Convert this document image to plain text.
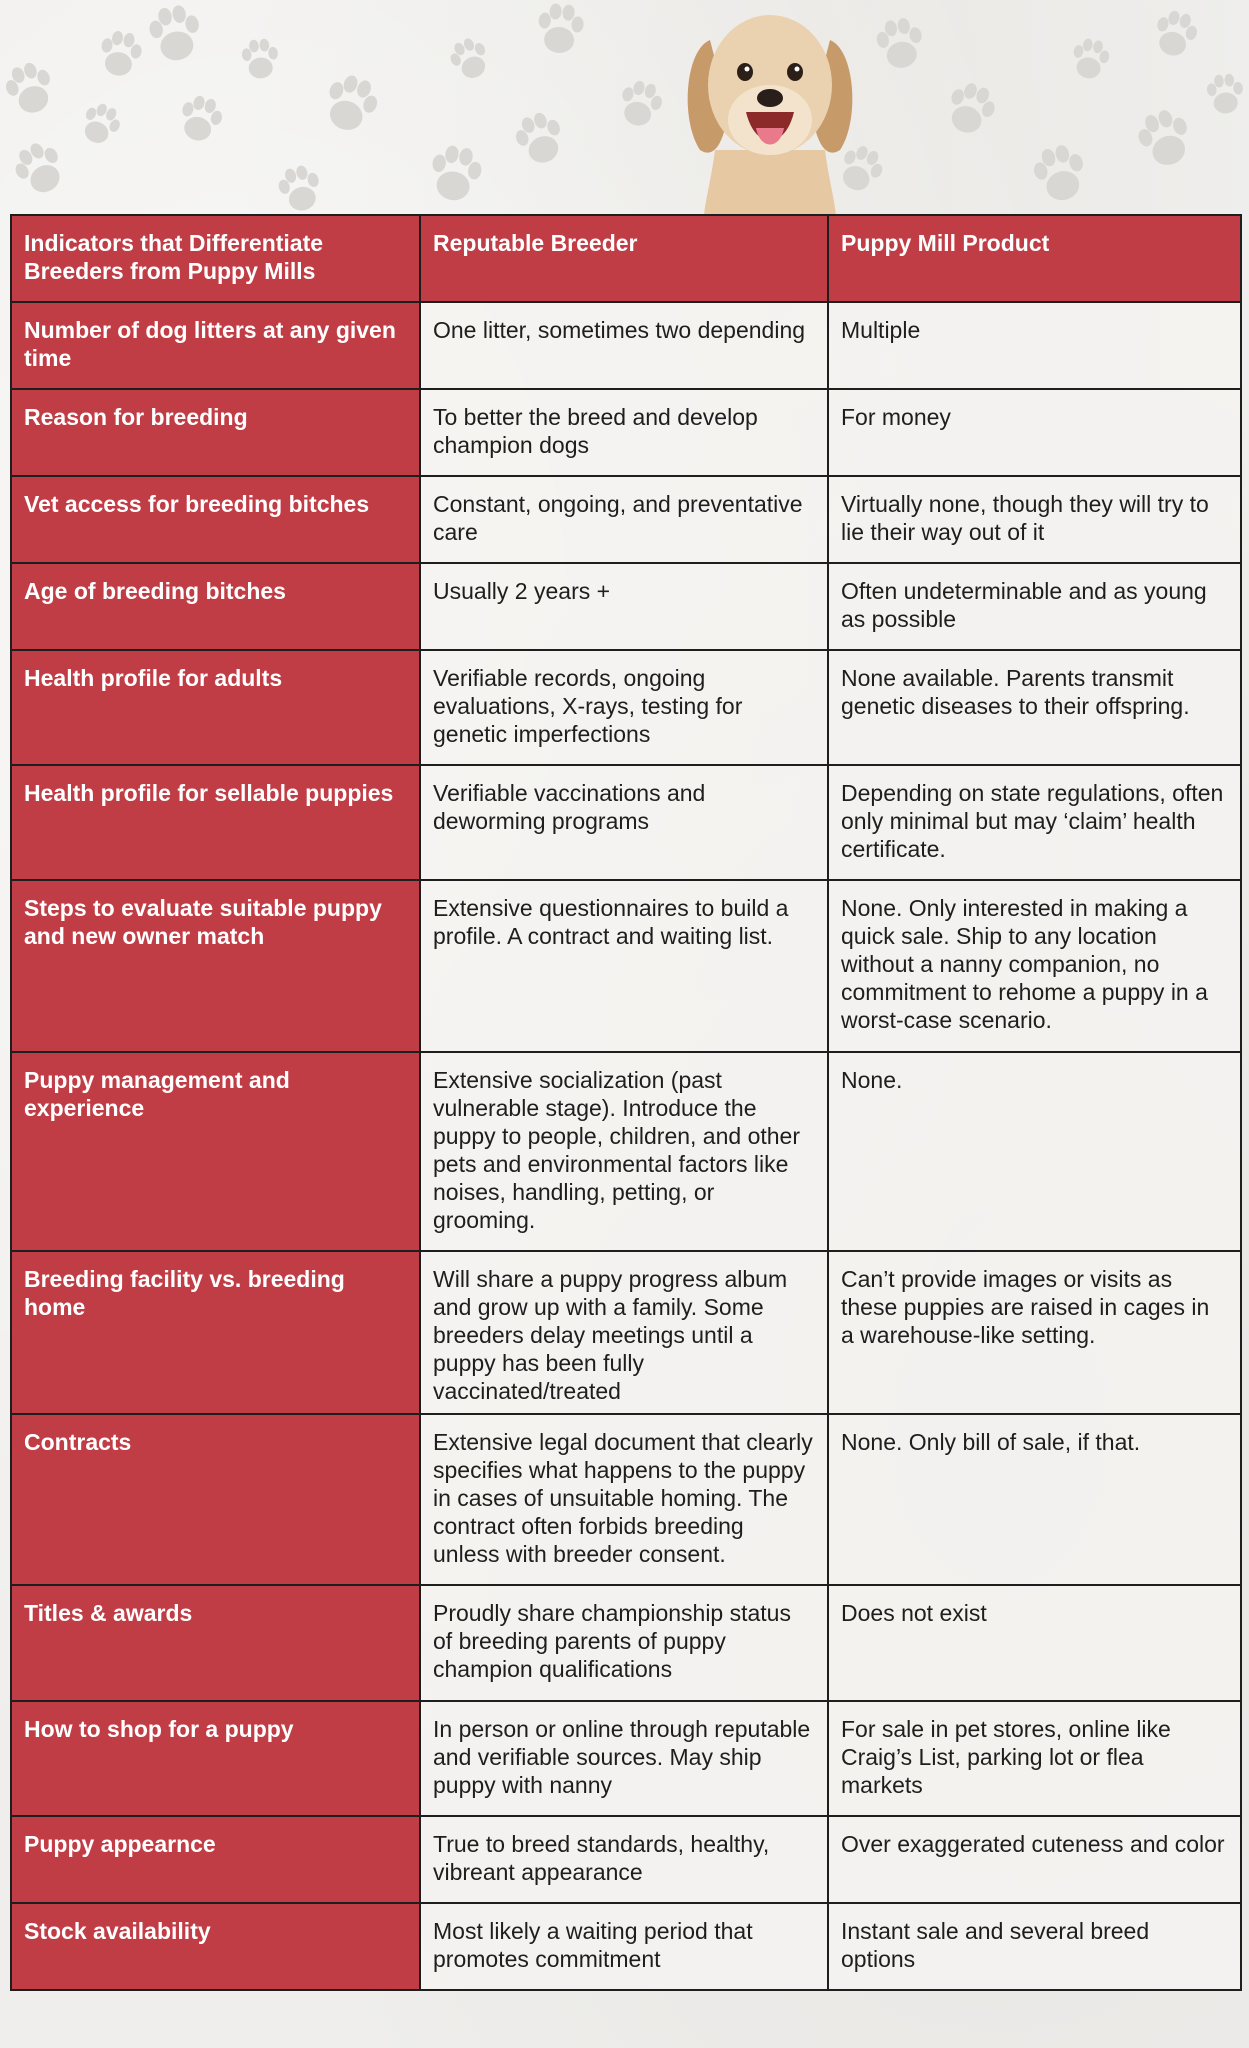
Indicators that Differentiate Breeders from Puppy Mills	Reputable Breeder	Puppy Mill Product
Number of dog litters at any given time	One litter, sometimes two depending	Multiple
Reason for breeding	To better the breed and develop champion dogs	For money
Vet access for breeding bitches	Constant, ongoing, and preventative care	Virtually none, though they will try to lie their way out of it
Age of breeding bitches	Usually 2 years +	Often undeterminable and as young as possible
Health profile for adults	Verifiable records, ongoing evaluations, X-rays, testing for genetic imperfections	None available. Parents transmit genetic diseases to their offspring.
Health profile for sellable puppies	Verifiable vaccinations and deworming programs	Depending on state regulations, often only minimal but may ‘claim’ health certificate.
Steps to evaluate suitable puppy and new owner match	Extensive questionnaires to build a profile. A contract and waiting list.	None. Only interested in making a quick sale. Ship to any location without a nanny companion, no commitment to rehome a puppy in a worst-case scenario.
Puppy management and experience	Extensive socialization (past vulnerable stage). Introduce the puppy to people, children, and other pets and environmental factors like noises, handling, petting, or grooming.	None.
Breeding facility vs. breeding home	Will share a puppy progress album and grow up with a family. Some breeders delay meetings until a puppy has been fully vaccinated/treated	Can’t provide images or visits as these puppies are raised in cages in a warehouse-like setting.
Contracts	Extensive legal document that clearly specifies what happens to the puppy in cases of unsuitable homing. The contract often forbids breeding unless with breeder consent.	None. Only bill of sale, if that.
Titles & awards	Proudly share championship status of breeding parents of puppy champion qualifications	Does not exist
How to shop for a puppy	In person or online through reputable and verifiable sources. May ship puppy with nanny	For sale in pet stores, online like Craig’s List, parking lot or flea markets
Puppy appearnce	True to breed standards, healthy, vibreant appearance	Over exaggerated cuteness and color
Stock availability	Most likely a waiting period that promotes commitment	Instant sale and several breed options
